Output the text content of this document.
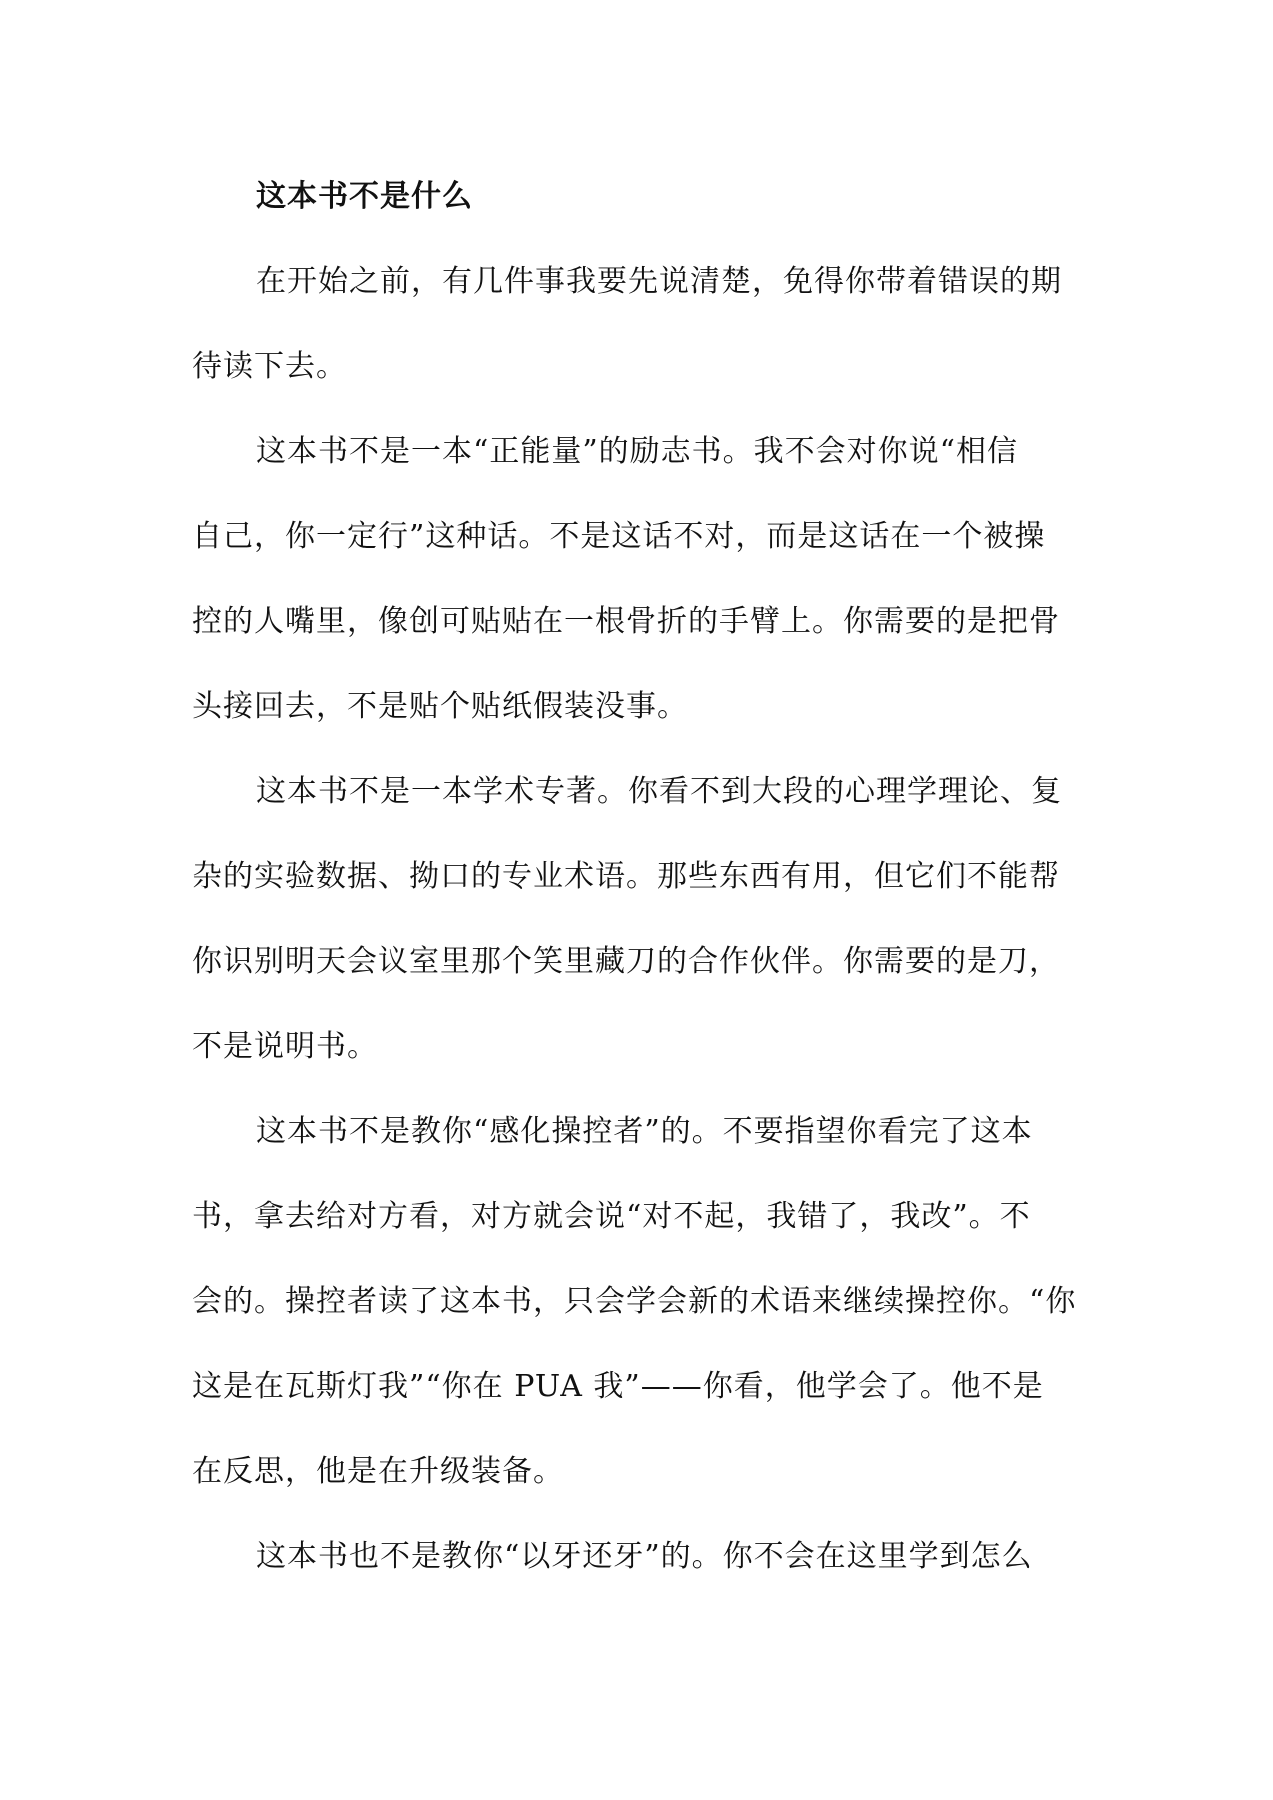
这本书不是什么

在开始之前，有几件事我要先说清楚，免得你带着错误的期

待读下去。

这本书不是一本“正能量”的励志书。我不会对你说“相信

自己，你一定行”这种话。不是这话不对，而是这话在一个被操

控的人嘴里，像创可贴贴在一根骨折的手臂上。你需要的是把骨

头接回去，不是贴个贴纸假装没事。

这本书不是一本学术专著。你看不到大段的心理学理论、复

杂的实验数据、拗口的专业术语。那些东西有用，但它们不能帮

你识别明天会议室里那个笑里藏刀的合作伙伴。你需要的是刀，

不是说明书。

这本书不是教你“感化操控者”的。不要指望你看完了这本

书，拿去给对方看，对方就会说“对不起，我错了，我改”。不

会的。操控者读了这本书，只会学会新的术语来继续操控你。“你

这是在瓦斯灯我”“你在 PUA 我”——你看，他学会了。他不是

在反思，他是在升级装备。

这本书也不是教你“以牙还牙”的。你不会在这里学到怎么
